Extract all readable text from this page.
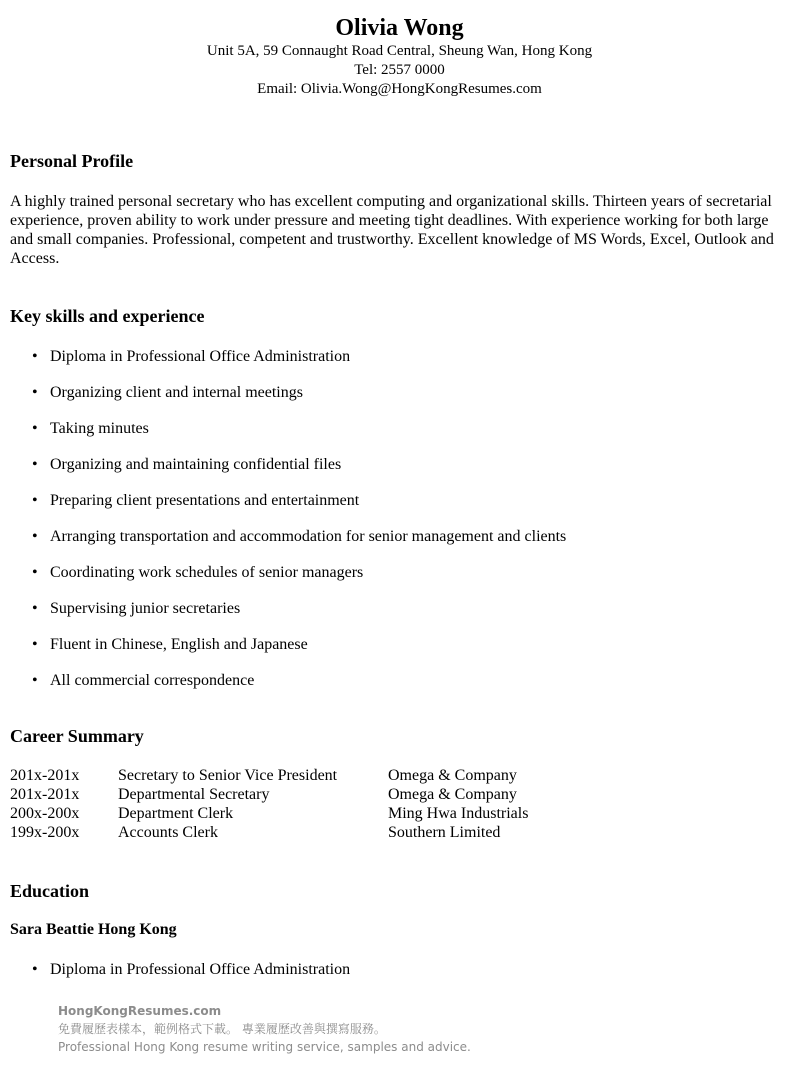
Olivia Wong
Unit 5A, 59 Connaught Road Central, Sheung Wan, Hong Kong
Tel: 2557 0000
Email: Olivia.Wong@HongKongResumes.com
Personal Profile
A highly trained personal secretary who has excellent computing and organizational skills. Thirteen years of secretarial experience, proven ability to work under pressure and meeting tight deadlines. With experience working for both large and small companies. Professional, competent and trustworthy. Excellent knowledge of MS Words, Excel, Outlook and Access.
Key skills and experience
• Diploma in Professional Office Administration
• Organizing client and internal meetings
• Taking minutes
• Organizing and maintaining confidential files
• Preparing client presentations and entertainment
• Arranging transportation and accommodation for senior management and clients
• Coordinating work schedules of senior managers
• Supervising junior secretaries
• Fluent in Chinese, English and Japanese
• All commercial correspondence
Career Summary
201x-201x Secretary to Senior Vice President	Omega & Company
201x-201x Departmental Secretary	Omega & Company
200x-200x Department Clerk	Ming Hwa Industrials
199x-200x Accounts Clerk	Southern Limited
Education
Sara Beattie Hong Kong
• Diploma in Professional Office Administration
HongKongResumes.com
免費履歷表樣本，範例格式下載。 專業履歷改善與撰寫服務。
Professional Hong Kong resume writing service, samples and advice.
